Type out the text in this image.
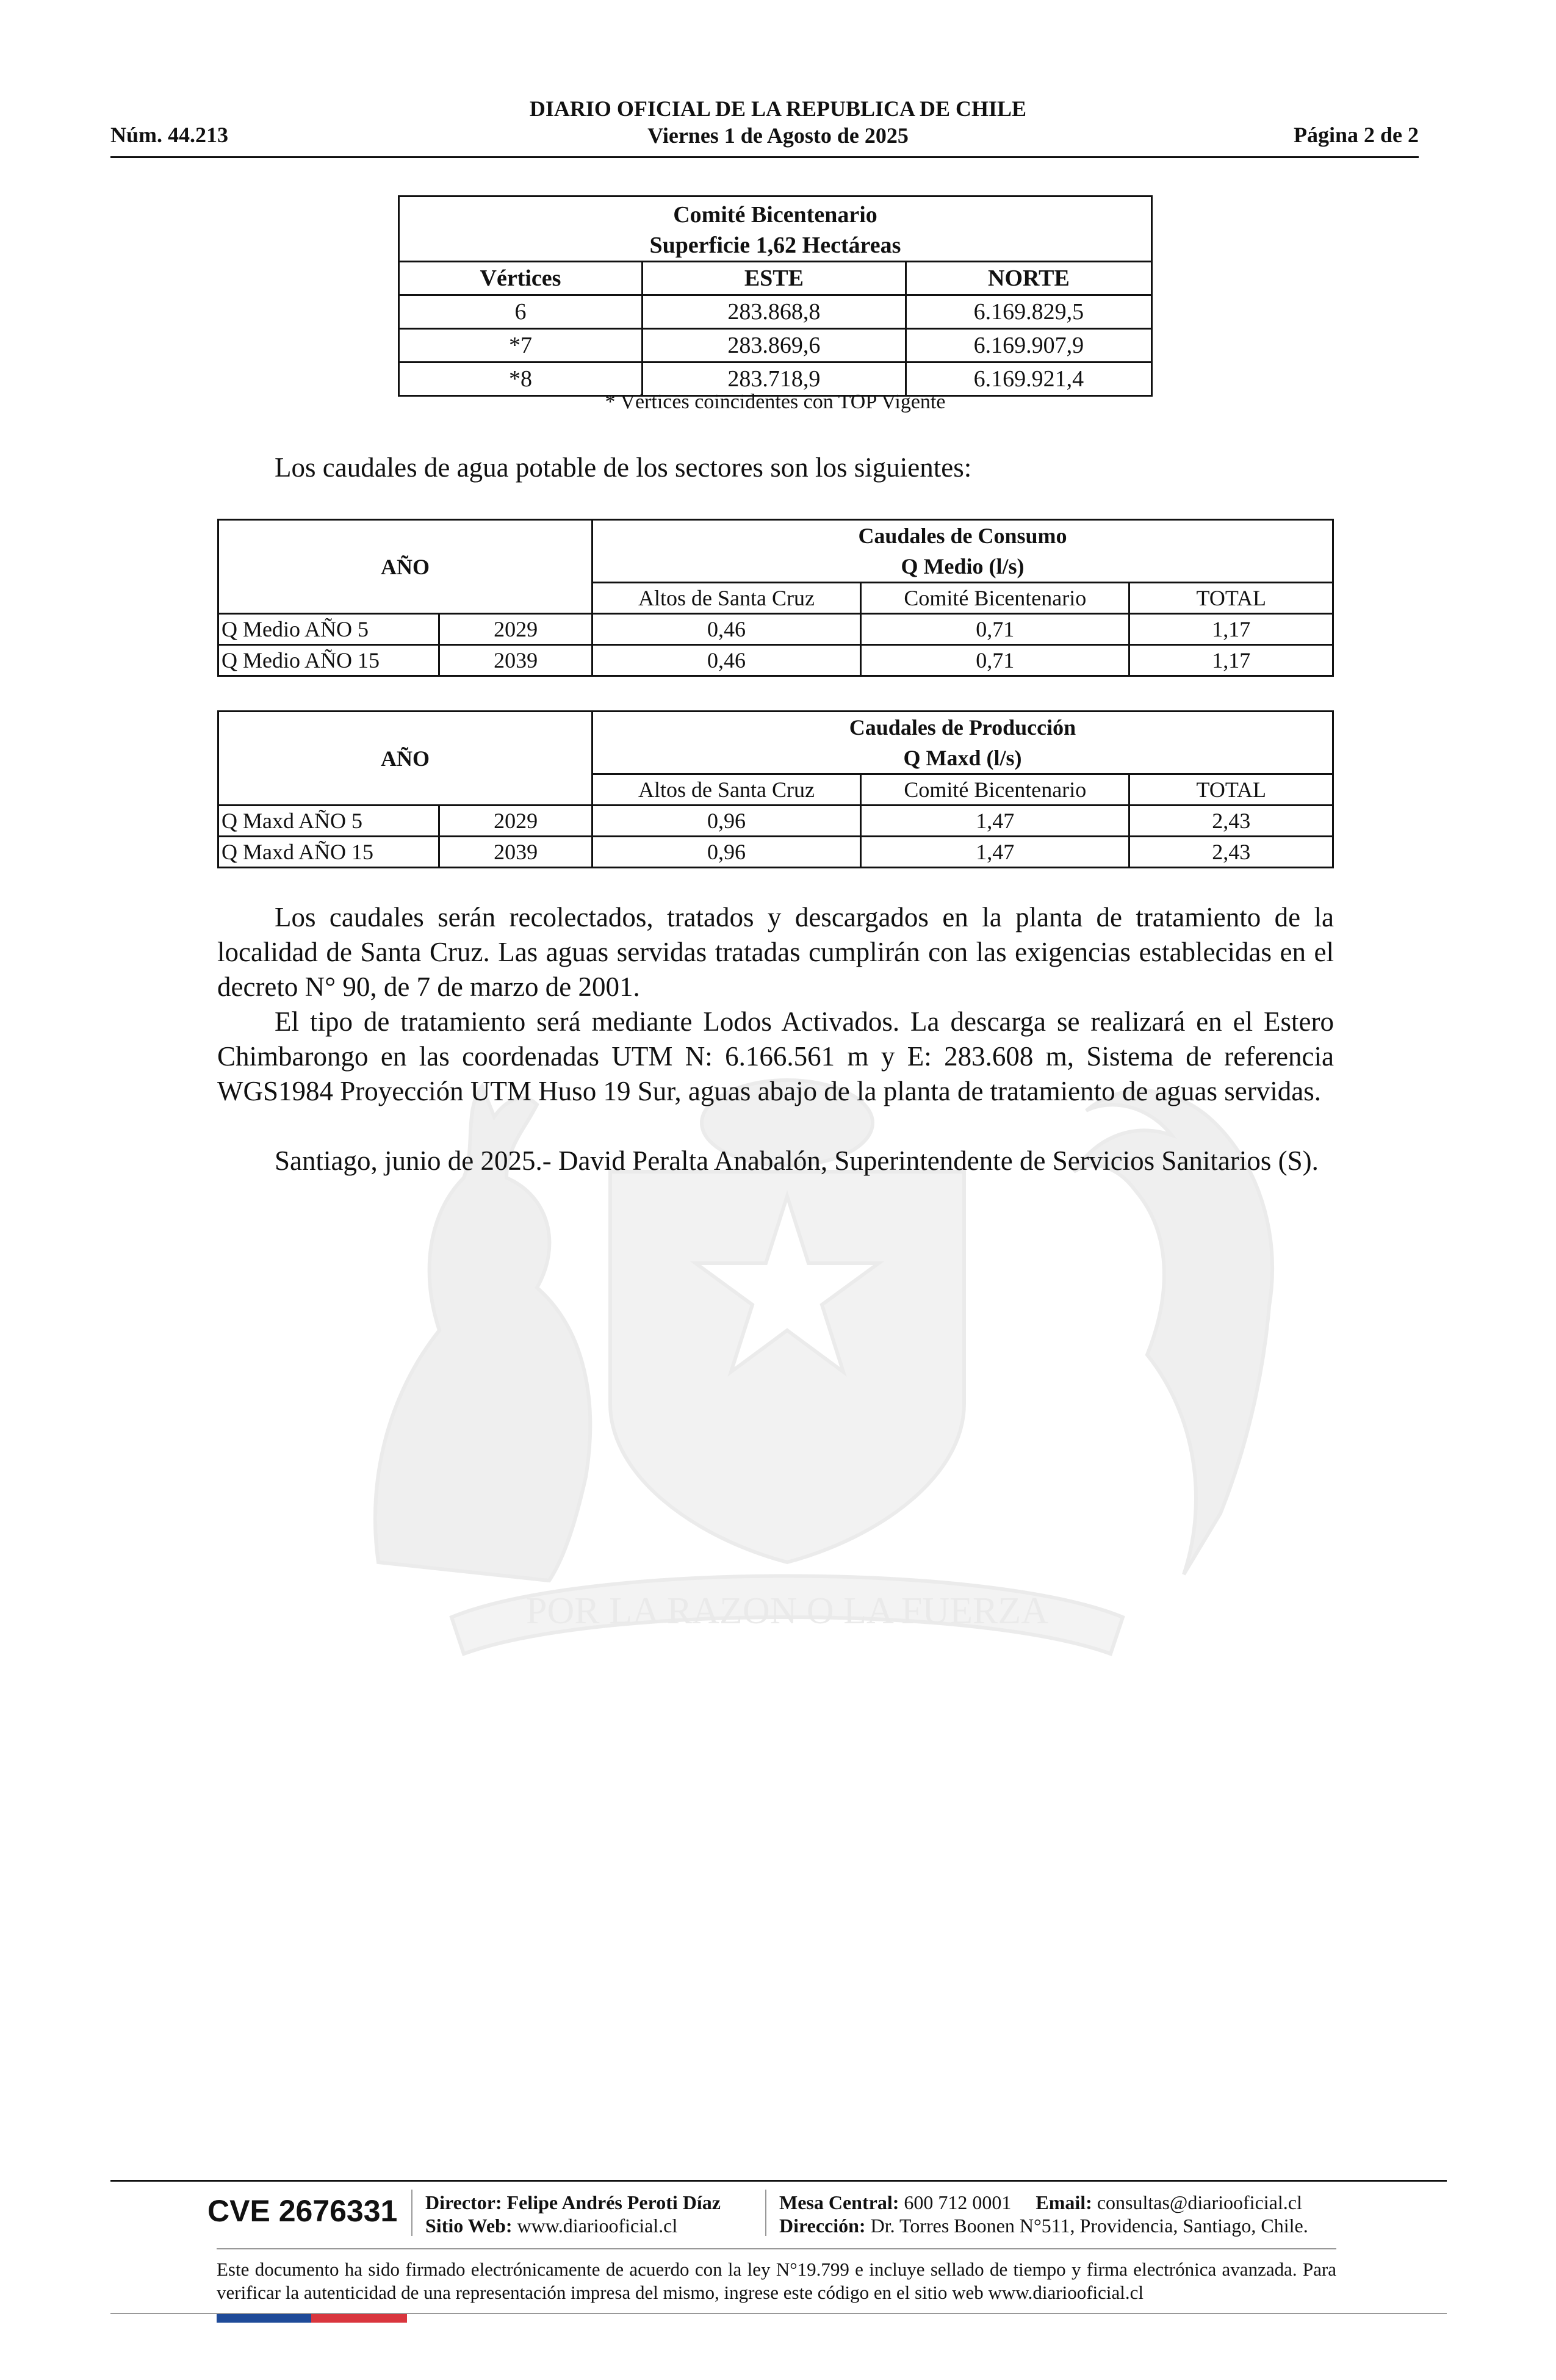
DIARIO OFICIAL DE LA REPUBLICA DE CHILE
Viernes 1 de Agosto de 2025
Núm. 44.213	Página 2 de 2
POR LA RAZON O LA FUERZA
Comité Bicentenario
Superficie 1,62 Hectáreas		

Vértices	ESTE	NORTE
6	283.868,8	6.169.829,5
*7	283.869,6	6.169.907,9
*8	283.718,9	6.169.921,4
* Vértices coincidentes con TOP Vigente
Los caudales de agua potable de los sectores son los siguientes:
AÑO		Caudales de Consumo
Q Medio (l/s)		

		Altos de Santa Cruz	Comité Bicentenario	TOTAL
Q Medio AÑO 5	2029	0,46	0,71	1,17
Q Medio AÑO 15	2039	0,46	0,71	1,17
AÑO		Caudales de Producción
Q Maxd (l/s)		

		Altos de Santa Cruz	Comité Bicentenario	TOTAL
Q Maxd AÑO 5	2029	0,96	1,47	2,43
Q Maxd AÑO 15	2039	0,96	1,47	2,43

Los caudales serán recolectados, tratados y descargados en la planta de tratamiento de la localidad de Santa Cruz. Las aguas servidas tratadas cumplirán con las exigencias establecidas en el decreto N° 90, de 7 de marzo de 2001.

El tipo de tratamiento será mediante Lodos Activados. La descarga se realizará en el Estero Chimbarongo en las coordenadas UTM N: 6.166.561 m y E: 283.608 m, Sistema de referencia WGS1984 Proyección UTM Huso 19 Sur, aguas abajo de la planta de tratamiento de aguas servidas.

Santiago, junio de 2025.- David Peralta Anabalón, Superintendente de Servicios Sanitarios (S).

CVE 2676331 Director: Felipe Andrés Peroti Díaz
Sitio Web: www.diariooficial.cl
Mesa Central: 600 712 0001 Email: consultas@diariooficial.cl
Dirección: Dr. Torres Boonen N°511, Providencia, Santiago, Chile.
Este documento ha sido firmado electrónicamente de acuerdo con la ley N°19.799 e incluye sellado de tiempo y firma electrónica avanzada. Para verificar la autenticidad de una representación impresa del mismo, ingrese este código en el sitio web www.diariooficial.cl
